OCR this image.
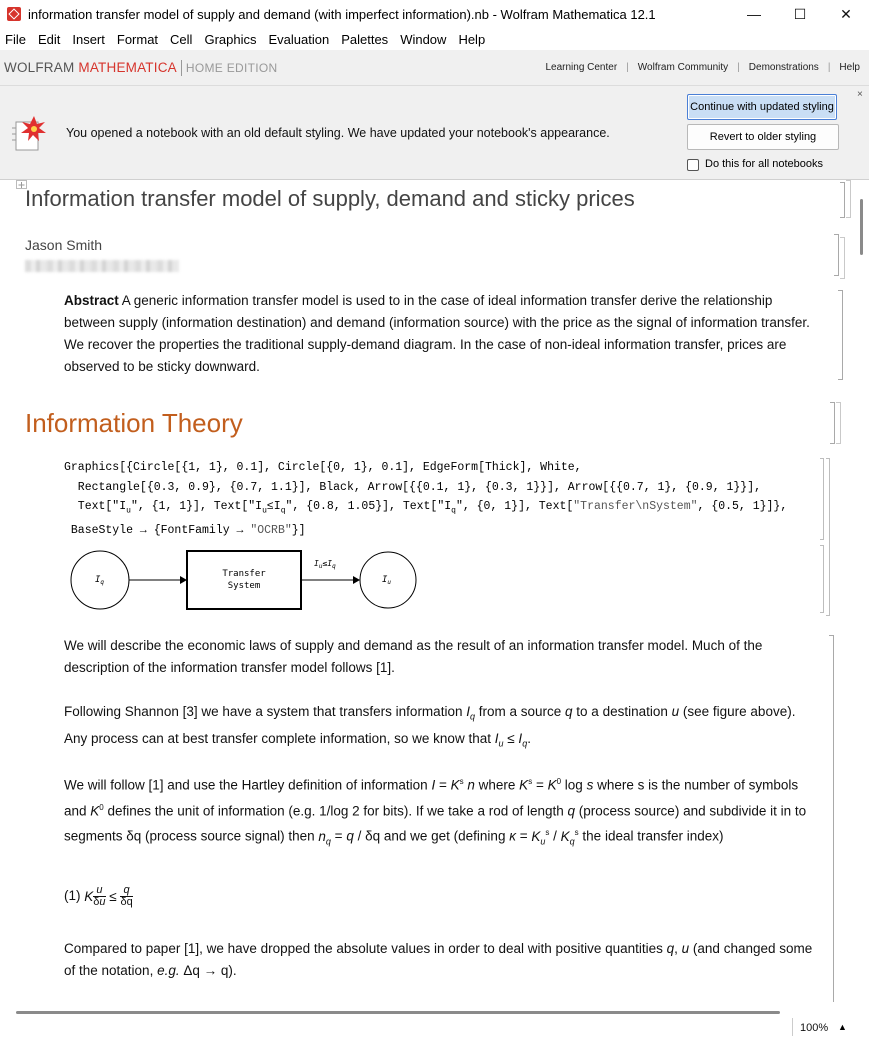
information transfer model of supply and demand (with imperfect information).nb - Wolfram Mathematica 12.1	—	☐	✕
File Edit Insert Format Cell Graphics Evaluation Palettes Window Help
WOLFRAM MATHEMATICA HOME EDITION	Learning Center | Wolfram Community | Demonstrations | Help
You opened a notebook with an old default styling. We have updated your notebook's appearance.
Continue with updated styling
Revert to older styling
Do this for all notebooks
×
Information transfer model of supply, demand and sticky prices
Jason Smith
Abstract A generic information transfer model is used to in the case of ideal information transfer derive the relationship between supply (information destination) and demand (information source) with the price as the signal of information transfer. We recover the properties the traditional supply-demand diagram. In the case of non-ideal information transfer, prices are observed to be sticky downward.
Information Theory
Graphics[{Circle[{1, 1}, 0.1], Circle[{0, 1}, 0.1], EdgeForm[Thick], White,
Rectangle[{0.3, 0.9}, {0.7, 1.1}], Black, Arrow[{{0.1, 1}, {0.3, 1}}], Arrow[{{0.7, 1}, {0.9, 1}}],
$Text["I_u$", {1, 1}], $Text["I_u\le I_q$", {0.8, 1.05}], $Text["I_q$", {0, 1}], Text["Transfer\nSystem", {0.5, 1}]},
BaseStyle → {FontFamily → "OCRB"}]
$I_q$
Transfer
System
$I_u\le I_q$
$I_u$
We will describe the economic laws of supply and demand as the result of an information transfer model. Much of the description of the information transfer model follows [1].
Following Shannon [3] we have a system that transfers information $I_q$ from a source q to a destination u (see figure above). Any process can at best transfer complete information, so we know that $I_u \le I_q$.
We will follow [1] and use the Hartley definition of information $I = K^s$ n where $K^s = K^0$ log s where s is the number of symbols and $K^0$ defines the unit of information (e.g. 1/log 2 for bits). If we take a rod of length q (process source) and subdivide it in to segments δq (process source signal) then $n_q = q / \delta q$ and we get (defining $\kappa = K_u^s / K_q^s$ the ideal transfer index)
(1) $K\frac{u}{\delta u} \le \frac{q}{\delta q}$
Compared to paper [1], we have dropped the absolute values in order to deal with positive quantities q, u (and changed some of the notation, e.g. Δq → q).
100% ▲
